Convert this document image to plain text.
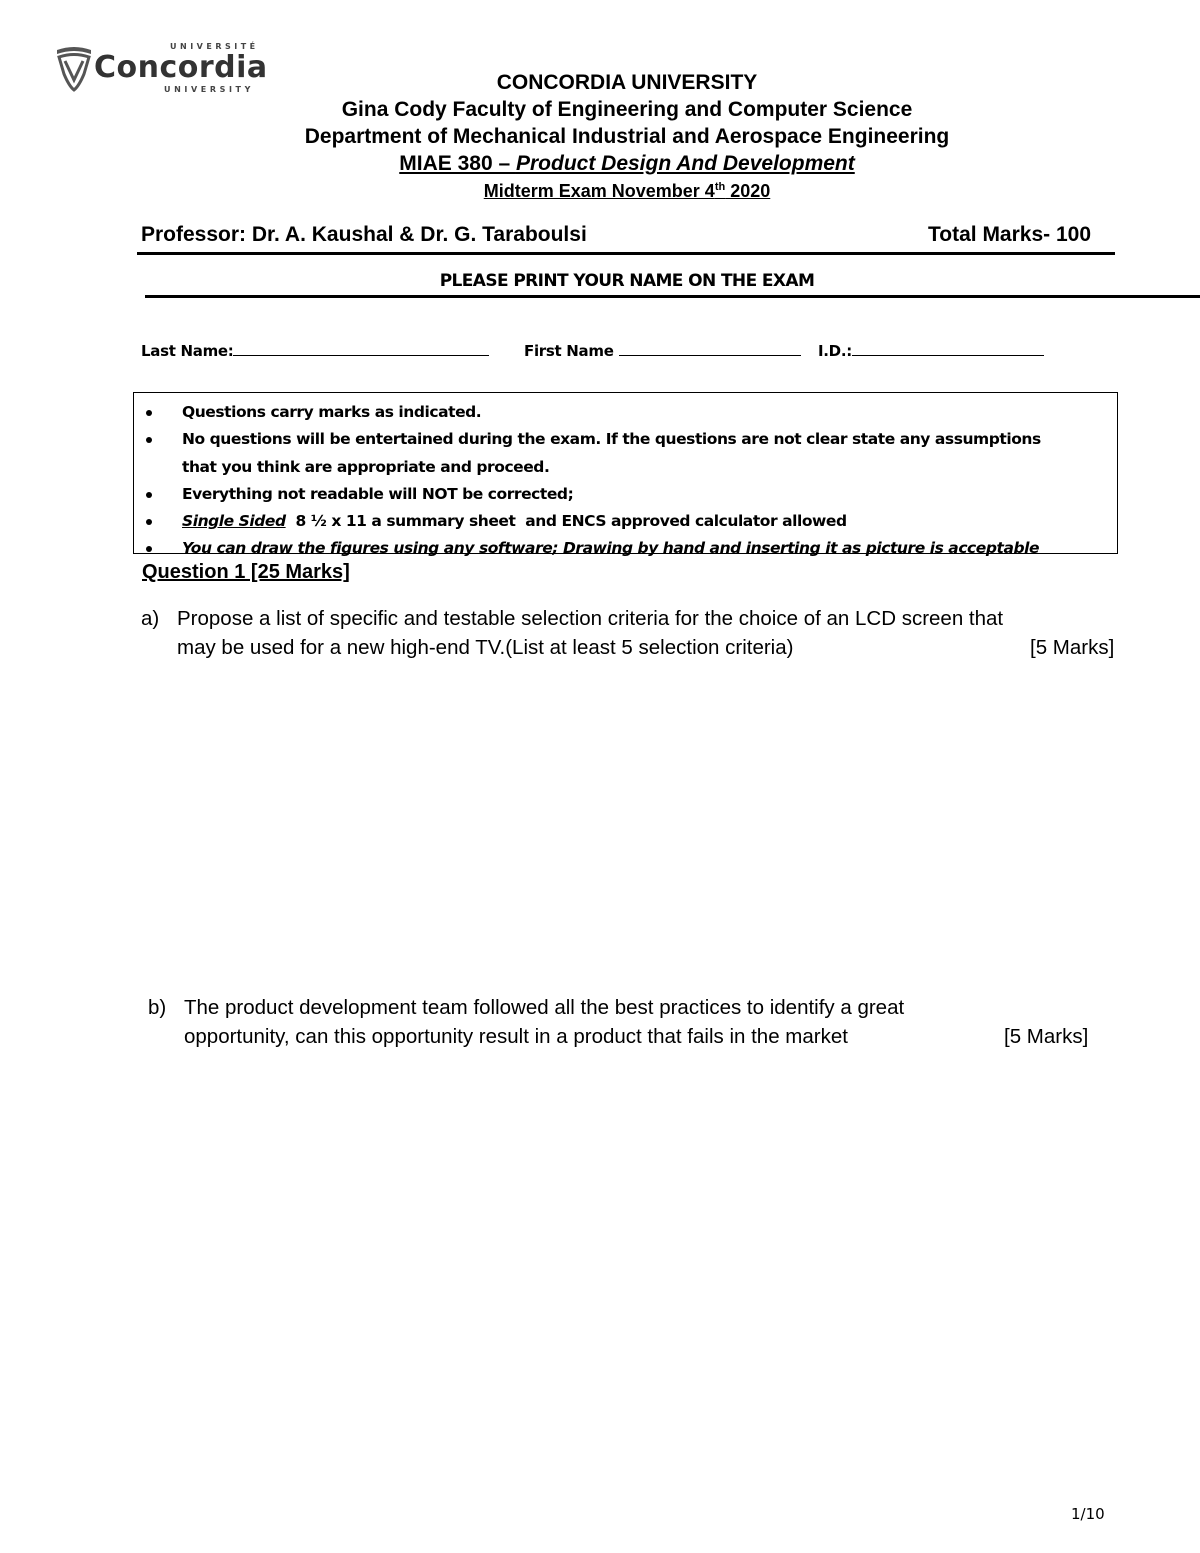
UNIVERSITÉ
Concordia
UNIVERSITY	CONCORDIA UNIVERSITY
Gina Cody Faculty of Engineering and Computer Science
Department of Mechanical Industrial and Aerospace Engineering
MIAE 380 – Product Design And Development
Midterm Exam November 4th 2020
Professor: Dr. A. Kaushal & Dr. G. Taraboulsi	Total Marks- 100
PLEASE PRINT YOUR NAME ON THE EXAM
Last Name:	First Name	I.D.:
Questions carry marks as indicated.
No questions will be entertained during the exam. If the questions are not clear state any assumptions
that you think are appropriate and proceed.
Everything not readable will NOT be corrected;
Single Sided  8 ½ x 11 a summary sheet  and ENCS approved calculator allowed
You can draw the figures using any software; Drawing by hand and inserting it as picture is acceptable
Question 1 [25 Marks]
a) Propose a list of specific and testable selection criteria for the choice of an LCD screen that
may be used for a new high-end TV.(List at least 5 selection criteria)	[5 Marks]
b) The product development team followed all the best practices to identify a great
opportunity, can this opportunity result in a product that fails in the market	[5 Marks]
1/10
